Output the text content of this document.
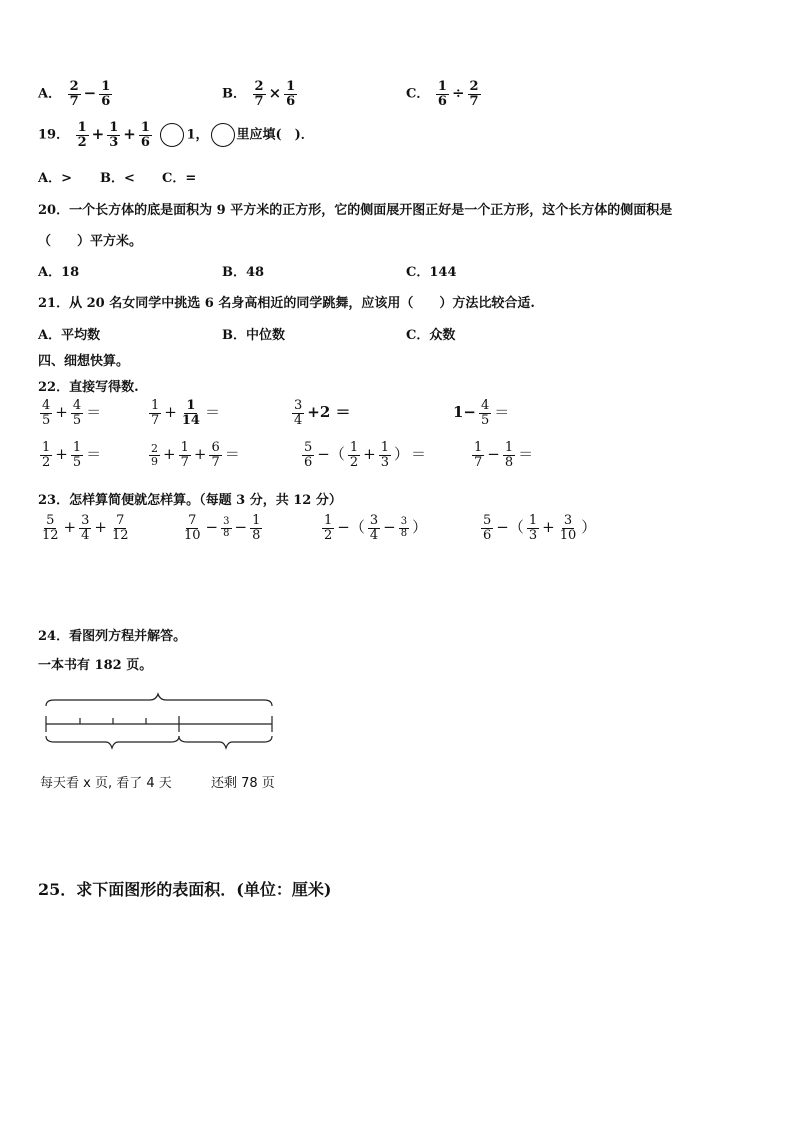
A． $\frac{2}{7} - \frac{1}{6}$	B． $\frac{2}{7} \times \frac{1}{6}$	C． $\frac{1}{6} \div \frac{2}{7}$
19． $\frac{1}{2} + \frac{1}{3} + \frac{1}{6}$	1， 里应填(　)．
A．> B．< C．=
20．一个长方体的底是面积为 9 平方米的正方形，它的侧面展开图正好是一个正方形，这个长方体的侧面积是
（　　）平方米。
A．18	B．48	C．144
21．从 20 名女同学中挑选 6 名身高相近的同学跳舞，应该用（　　）方法比较合适.
A．平均数	B．中位数	C．众数
四、细想快算。
22．直接写得数.
$\frac{4}{5} + \frac{4}{5}$ ＝	$\frac{1}{7} + \frac{1}{14}$ ＝	$\frac{3}{4} +2$ ＝	$1- \frac{4}{5}$ ＝
$\frac{1}{2} + \frac{1}{5}$ ＝	$\frac{2}{9} + \frac{1}{7} + \frac{6}{7}$ ＝	$\frac{5}{6}$ −（ $\frac{1}{2} + \frac{1}{3}$ ） ＝	$\frac{1}{7} - \frac{1}{8}$ ＝
23．怎样算简便就怎样算。（每题 3 分，共 12 分）
$\frac{5}{12} + \frac{3}{4} + \frac{7}{12}$	$\frac{7}{10} - \frac{3}{8} - \frac{1}{8}$	$\frac{1}{2}$ −（ $\frac{3}{4} - \frac{3}{8}$ ）	$\frac{5}{6}$ −（ $\frac{1}{3} + \frac{3}{10}$ ）
24．看图列方程并解答。
一本书有 182 页。
每天看 x 页, 看了 4 天	还剩 78 页
25．求下面图形的表面积．(单位：厘米)
